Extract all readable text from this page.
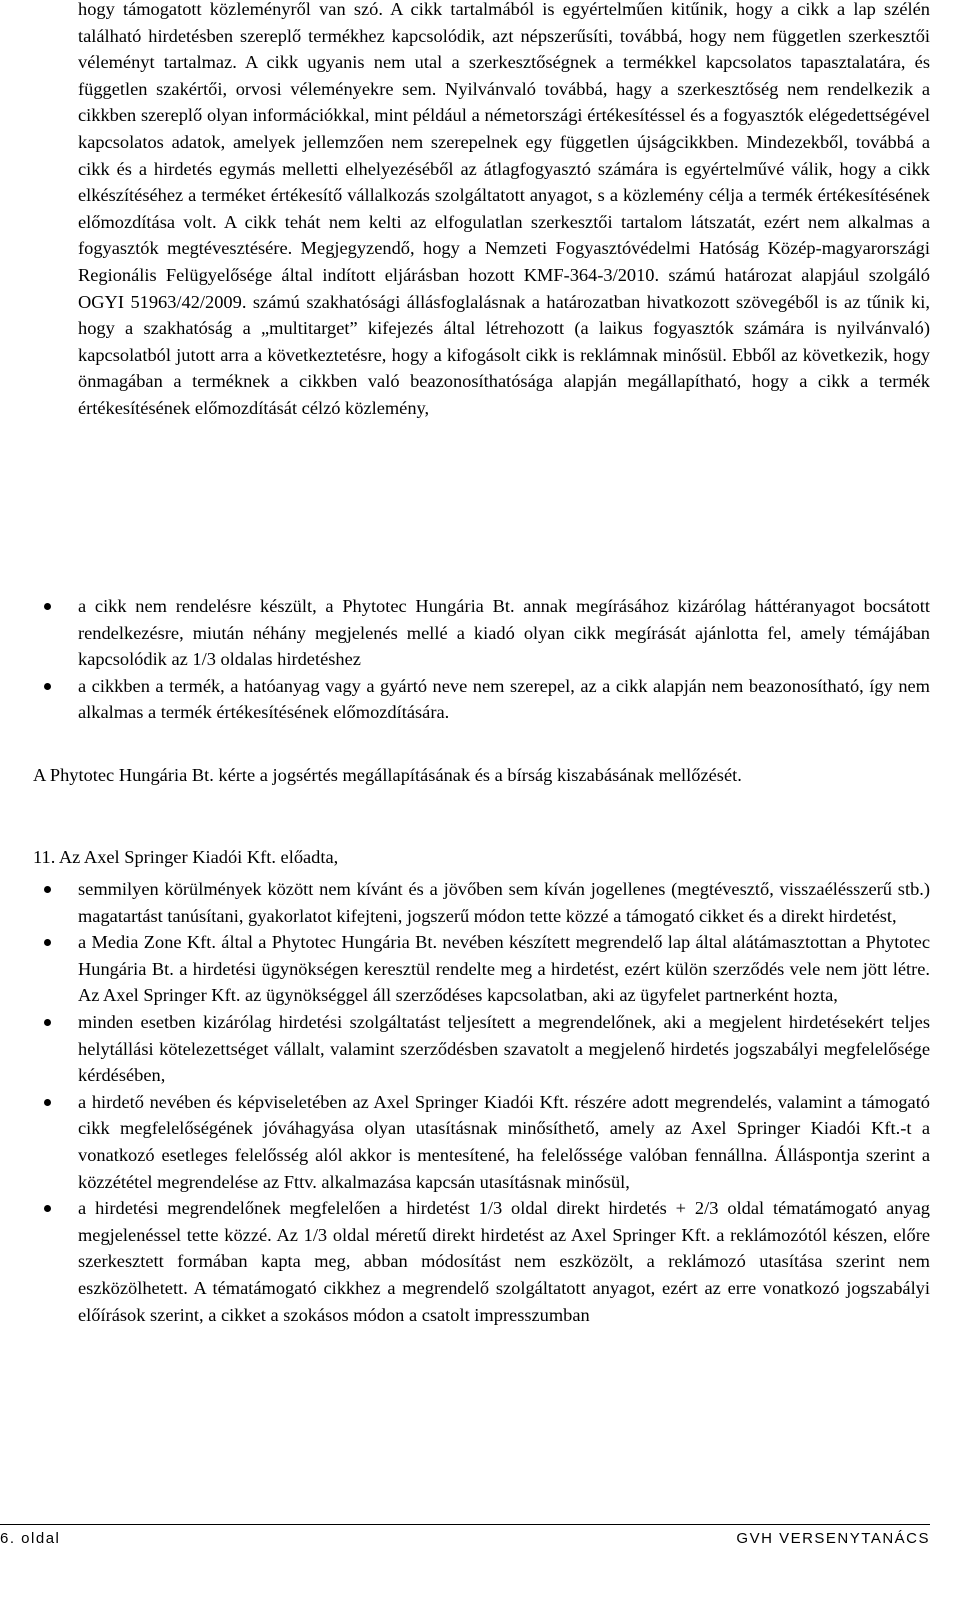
hogy támogatott közleményről van szó. A cikk tartalmából is egyértelműen kitűnik, hogy a cikk a lap szélén található hirdetésben szereplő termékhez kapcsolódik, azt népszerűsíti, továbbá, hogy nem független szerkesztői véleményt tartalmaz. A cikk ugyanis nem utal a szerkesztőségnek a termékkel kapcsolatos tapasztalatára, és független szakértői, orvosi véleményekre sem. Nyilvánvaló továbbá, hagy a szerkesztőség nem rendelkezik a cikkben szereplő olyan információkkal, mint például a németországi értékesítéssel és a fogyasztók elégedettségével kapcsolatos adatok, amelyek jellemzően nem szerepelnek egy független újságcikkben. Mindezekből, továbbá a cikk és a hirdetés egymás melletti elhelyezéséből az átlagfogyasztó számára is egyértelművé válik, hogy a cikk elkészítéséhez a terméket értékesítő vállalkozás szolgáltatott anyagot, s a közlemény célja a termék értékesítésének előmozdítása volt. A cikk tehát nem kelti az elfogulatlan szerkesztői tartalom látszatát, ezért nem alkalmas a fogyasztók megtévesztésére. Megjegyzendő, hogy a Nemzeti Fogyasztóvédelmi Hatóság Közép-magyarországi Regionális Felügyelősége által indított eljárásban hozott KMF-364-3/2010. számú határozat alapjául szolgáló OGYI 51963/42/2009. számú szakhatósági állásfoglalásnak a határozatban hivatkozott szövegéből is az tűnik ki, hogy a szakhatóság a „multitarget” kifejezés által létrehozott (a laikus fogyasztók számára is nyilvánvaló) kapcsolatból jutott arra a következtetésre, hogy a kifogásolt cikk is reklámnak minősül. Ebből az következik, hogy önmagában a terméknek a cikkben való beazonosíthatósága alapján megállapítható, hogy a cikk a termék értékesítésének előmozdítását célzó közlemény,

a cikk nem rendelésre készült, a Phytotec Hungária Bt. annak megírásához kizárólag háttéranyagot bocsátott rendelkezésre, miután néhány megjelenés mellé a kiadó olyan cikk megírását ajánlotta fel, amely témájában kapcsolódik az 1/3 oldalas hirdetéshez
a cikkben a termék, a hatóanyag vagy a gyártó neve nem szerepel, az a cikk alapján nem beazonosítható, így nem alkalmas a termék értékesítésének előmozdítására.

A Phytotec Hungária Bt. kérte a jogsértés megállapításának és a bírság kiszabásának mellőzését.

11. Az Axel Springer Kiadói Kft. előadta,

semmilyen körülmények között nem kívánt és a jövőben sem kíván jogellenes (megtévesztő, visszaélésszerű stb.) magatartást tanúsítani, gyakorlatot kifejteni, jogszerű módon tette közzé a támogató cikket és a direkt hirdetést,
a Media Zone Kft. által a Phytotec Hungária Bt. nevében készített megrendelő lap által alátámasztottan a Phytotec Hungária Bt. a hirdetési ügynökségen keresztül rendelte meg a hirdetést, ezért külön szerződés vele nem jött létre. Az Axel Springer Kft. az ügynökséggel áll szerződéses kapcsolatban, aki az ügyfelet partnerként hozta,
minden esetben kizárólag hirdetési szolgáltatást teljesített a megrendelőnek, aki a megjelent hirdetésekért teljes helytállási kötelezettséget vállalt, valamint szerződésben szavatolt a megjelenő hirdetés jogszabályi megfelelősége kérdésében,
a hirdető nevében és képviseletében az Axel Springer Kiadói Kft. részére adott megrendelés, valamint a támogató cikk megfelelőségének jóváhagyása olyan utasításnak minősíthető, amely az Axel Springer Kiadói Kft.-t a vonatkozó esetleges felelősség alól akkor is mentesítené, ha felelőssége valóban fennállna. Álláspontja szerint a közzététel megrendelése az Fttv. alkalmazása kapcsán utasításnak minősül,
a hirdetési megrendelőnek megfelelően a hirdetést 1/3 oldal direkt hirdetés + 2/3 oldal tématámogató anyag megjelenéssel tette közzé. Az 1/3 oldal méretű direkt hirdetést az Axel Springer Kft. a reklámozótól készen, előre szerkesztett formában kapta meg, abban módosítást nem eszközölt, a reklámozó utasítása szerint nem eszközölhetett. A tématámogató cikkhez a megrendelő szolgáltatott anyagot, ezért az erre vonatkozó jogszabályi előírások szerint, a cikket a szokásos módon a csatolt impresszumban
6. oldal	GVH VERSENYTANÁCS
